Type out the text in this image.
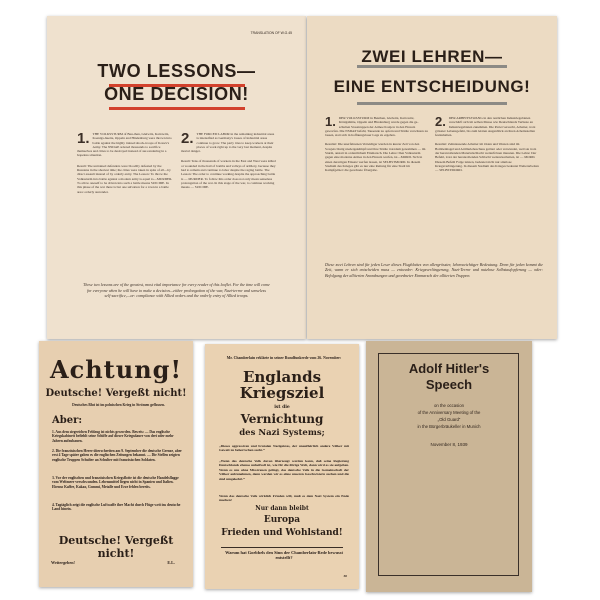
TRANSLATION OF W.G.45
TWO LESSONS—
ONE DECISION!
1. THE VOLKSSTURM of Beu-then, Gleiwitz, Kattowitz, Koenigs-huette, Oppeln and Hindenburg were thrown into battle against the highly trained shock-troops of Konev's Army. The NSDAP ordered thousands to sacrifice themselves and cities to be destroyed instead of sur-rendering in a hopeless situation.
Result: The untrained defenders were bloodily defeated by the Russians in the shortest time; the cities were taken in spite of all—by direct assault instead of by orderly entry. The Lesson: To throw the Volkssturm into battle against a modern army is equal to—MURDER. To allow oneself to be driven into such a battle means SUICIDE. In this phase of the war there is but one salvation for a town in a battle area: orderly surrender.
2. THE FORCED LABOR in the remaining industrial areas is intensified as Germany's losses of industrial areas continue to grow. The party tries to keep workers at their places of work right up to the very last moment, despite mortal danger.
Result: Tens of thousands of workers in the East and West were killed or wounded in the hail of bombs and volleys of artillery, because they had to remain and continue to labor despite the raging battle. The Lesson: The order to continue working despite the approaching battle is — MURDER. To follow this order does not only mean senseless prolongation of the war. In this stage of the war, to continue working means — SUICIDE.
These two lessons are of the greatest, most vital importance for every reader of this leaflet. For the time will come for everyone when he will have to make a decision—either prolongation of the war, Nazi-terror and senseless self-sacrifice,—or: compliance with Allied orders and the orderly entry of Allied troops.
ZWEI LEHREN—
EINE ENTSCHEIDUNG!
1. DER VOLKSSTURM in Beuthen, Gleiwitz, Kattowitz, Königshütte, Oppeln und Hindenburg wurde gegen die ge-schulten Stosstruppen der Armee Konjew in den Einsatz geworfen. Die NSDAP befahl, Tausende zu opfern und Städte verwüsten zu lassen, statt sich in hoffnungsloser Lage zu ergeben.
Resultat: Die unerfahrenen Verteidiger wurden in kurzer Zeit von den Sowjets blutig niedergekämpft und ihre Städte trotzdem genommen — im Sturm, anstatt in ordentlichem Einmarsch. Die Lehre: Den Volkssturm gegen eine moderne Armee in den Einsatz werfen, ist—MORD. Sich in einen derartigen Einsatz werfen lassen, ist SELBSTMORD. In diesem Stadium des Krieges gibt es nur eine Rettung für eine Stadt im Kampfgebiet: die geordnete Übergabe.
2. DER ARBEITSZWANG in den restlichen Industriegebieten verschärft sich im selben Masse wie Deutschlands Verluste an Industriegebieten zunehmen. Die Partei versucht, Arbeiter, trotz grösster Lebensgefahr, bis zum letzten Augenblick an ihren Arbeitsstellen festzuhalten.
Resultat: Zehntausende Arbeiter im Osten und Westen sind im Bombenhagel und Artilleriebeschuss getötet oder verwundet, weil sie trotz der heranrollenden Materialschlacht weiterfrönen mussten. Die Lehre: Der Befehl, trotz der heranrollenden Schlacht weiterzuarbeiten, ist — MORD. Diesem Befehl Folge leisten, bedeutet nicht nur sinnlose Kriegsverlängerung. In diesem Stadium des Krieges bedeutet Weiterarbeiten — SELBSTMORD.
Diese zwei Lehren sind für jeden Leser dieses Flugblattes von allergrösster, lebenswichtiger Bedeutung. Denn für jeden kommt die Zeit, wann er sich entscheiden muss — entweder: Kriegsverlängerung, Nazi-Terror und nutzlose Selbstaufopferung — oder: Befolgung der alliierten Anordnungen und geordneter Einmarsch der alliierten Truppen.
Achtung!
Deutsche! Vergeßt nicht!
Deutsches Blut ist im polnischen Krieg in Strömen geflossen.
Aber:
1. Aus dem siegreichen Feldzug ist nichts geworden. Beweis: — Das englische Kriegskabinett befiehlt seine Schiffe auf dieser Kriegsdauer von drei oder mehr Jahren aufzubauen.
2. Die französischen Heere überschreiten am 9. September die deutsche Grenze, aber erst 4 Tage später gaben es die englischen Zeitungen bekannt. — Die Stellen zeigten englische Truppen Schulter an Schulter mit französischen Soldaten.
3. Vor der englischen und französischen Kriegsflotte ist die deutsche Handelsflagge vom Weltmeer verschwunden. Lebensmittel liegen nicht in Spanien und Italien. Ebenso Kaffee, Kakao, Gummi, Metalle und Erze fehlen bereits.
4. Tagtäglich zeigt die englische Luftwaffe ihre Macht durch Flüge weit ins deutsche Land hinein.
Deutsche! Vergeßt nicht!
Weitergeben!	E.L.
Mr. Chamberlain erklärte in seiner Rundfunkrede vom 26. November:
Englands
Kriegsziel
ist die
Vernichtung
des Nazi Systems;
„Dieses aggressiven und brutalen Nazigeistes, der unaufhörlich andere Völker mit Gewalt zu beherrschen sucht.“
„Wenn das deutsche Volk davon überzeugt werden kann, daß seine Regierung Deutschlands ebenso unheilvoll ist, wie für die übrige Welt, dann wird es sie aufgeben. Wenn es uns ohne Misstrauen gelingt, das deutsche Volk in die Gemeinschaft der Völker aufzunehmen, dann werden wir es ohne unseren Geschwistern suchen und die sind umgekehrt.“
Wenn das deutsche Volk wirklich Frieden will, muß es dem Nazi System ein Ende machen!
Nur dann bleibt
Europa
Frieden und Wohlstand!
Warum hat Goebbels den Sinn der Chamberlain-Rede bewusst entstellt?
30
Adolf Hitler's
Speech
on the occasion
of the Anniversary Meeting of the
„Old Guard“
in the Bürgerbräukeller in Munich
November 8, 1939
